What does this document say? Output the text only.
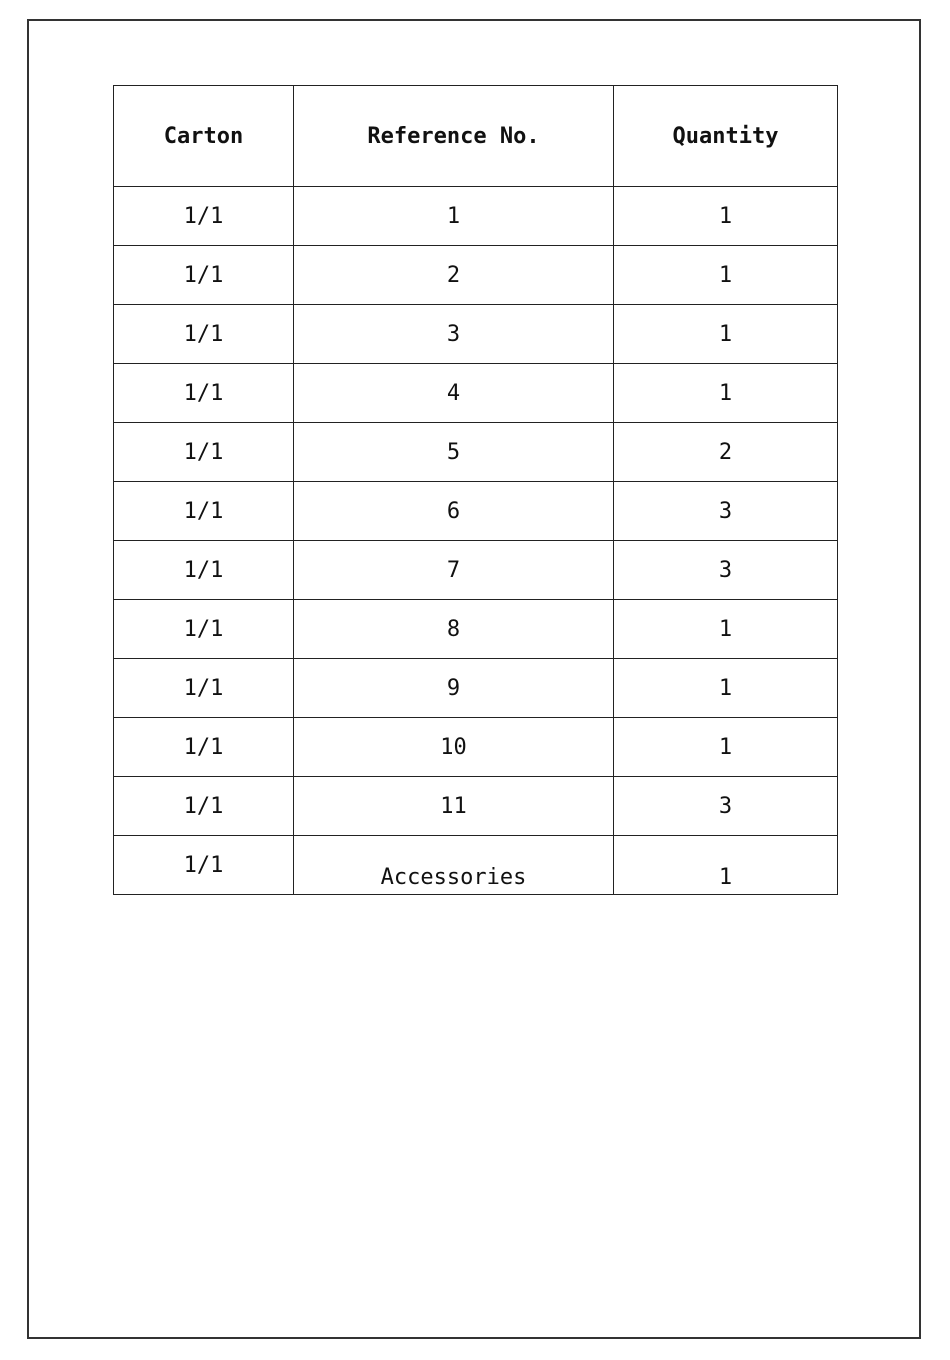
Carton	Reference No.	Quantity
1/1	1	1
1/1	2	1
1/1	3	1
1/1	4	1
1/1	5	2
1/1	6	3
1/1	7	3
1/1	8	1
1/1	9	1
1/1	10	1
1/1	11	3
1/1	Accessories	1
